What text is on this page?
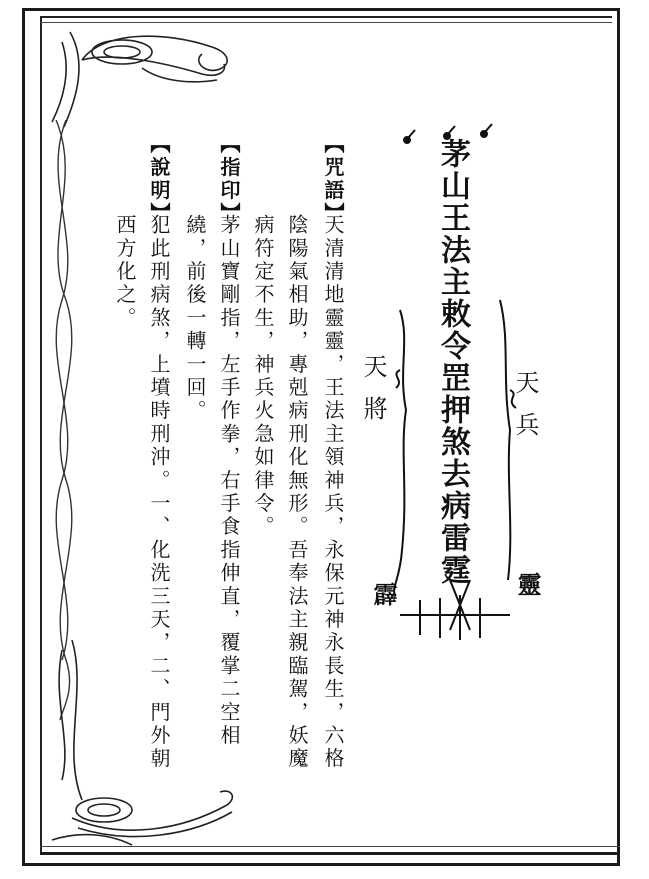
茅山王法主敕令罡押煞去病雷霆 天兵
天將
靈
霹
【咒語】
天清清地靈靈，王法主領神兵，永保元神永長生，六格
陰陽氣相助，專剋病刑化無形。吾奉法主親臨駕，妖魔
病符定不生，神兵火急如律令。
【指印】
茅山寶剛指，左手作拳，右手食指伸直，覆掌二空相
繞，前後一轉一回。
【說明】
犯此刑病煞，上墳時刑沖。一、化洗三天，二、門外朝
西方化之。
